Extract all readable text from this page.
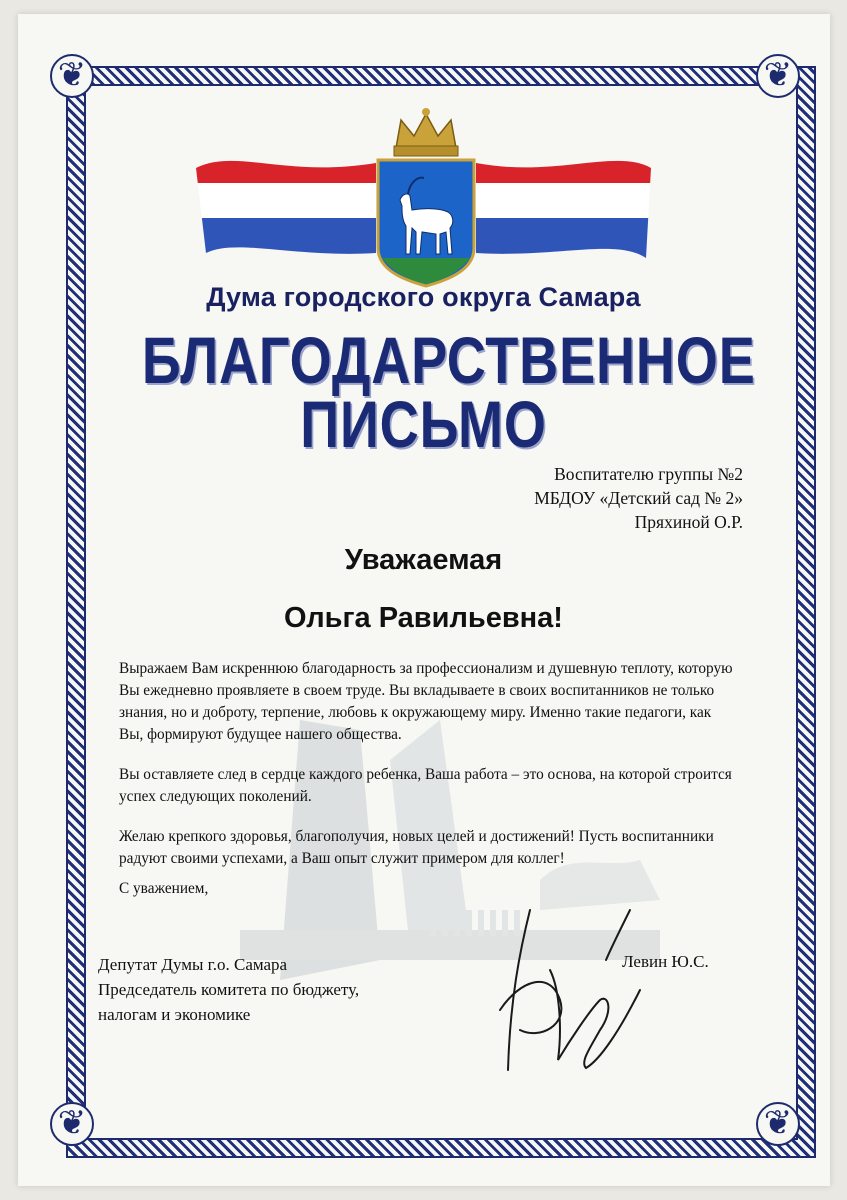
❦	❦
❦	❦
Дума городского округа Самара
БЛАГОДАРСТВЕННОЕ
ПИСЬМО
Воспитателю группы №2
МБДОУ «Детский сад № 2»
Пряхиной О.Р.
Уважаемая
Ольга Равильевна!

Выражаем Вам искреннюю благодарность за профессионализм и душевную теплоту, которую Вы ежедневно проявляете в своем труде. Вы вкладываете в своих воспитанников не только знания, но и доброту, терпение, любовь к окружающему миру. Именно такие педагоги, как Вы, формируют будущее нашего общества.

Вы оставляете след в сердце каждого ребенка, Ваша работа – это основа, на которой строится успех следующих поколений.

Желаю крепкого здоровья, благополучия, новых целей и достижений! Пусть воспитанники радуют своими успехами, а Ваш опыт служит примером для коллег!

С уважением,
Депутат Думы г.о. Самара
Председатель комитета по бюджету,
налогам и экономике
Левин Ю.С.
